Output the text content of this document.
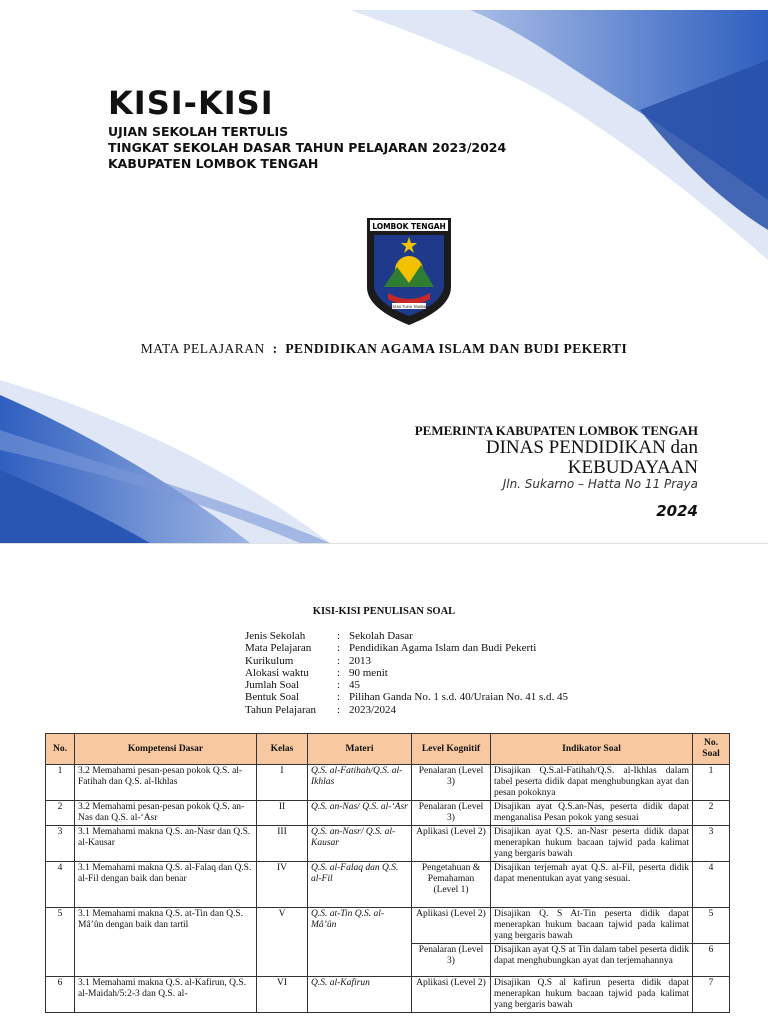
KISI-KISI
UJIAN SEKOLAH TERTULIS
TINGKAT SEKOLAH DASAR TAHUN PELAJARAN 2023/2024
KABUPATEN LOMBOK TENGAH
LOMBOK TENGAH
TATAS TUHU TRASNA
MATA PELAJARAN : PENDIDIKAN AGAMA ISLAM DAN BUDI PEKERTI
PEMERINTA KABUPATEN LOMBOK TENGAH
DINAS PENDIDIKAN dan
KEBUDAYAAN
Jln. Sukarno – Hatta No 11 Praya
2024
KISI-KISI PENULISAN SOAL
Jenis Sekolah	: Sekolah Dasar
Mata Pelajaran	: Pendidikan Agama Islam dan Budi Pekerti
Kurikulum	: 2013
Alokasi waktu	: 90 menit
Jumlah Soal	: 45
Bentuk Soal	: Pilihan Ganda No. 1 s.d. 40/Uraian No. 41 s.d. 45
Tahun Pelajaran	: 2023/2024
No.	Kompetensi Dasar	Kelas	Materi	Level Kognitif	Indikator Soal	No.
Soal

1	3.2 Memahami pesan-pesan pokok Q.S. al-Fatihah dan Q.S. al-Ikhlas	I	Q.S. al-Fatihah/Q.S. al-Ikhlas	Penalaran (Level 3)	Disajikan Q.S.al-Fatihah/Q.S. al-Ikhlas dalam tabel peserta didik dapat menghubungkan ayat dan pesan pokoknya	1
2	3.2 Memahami pesan-pesan pokok Q.S. an-Nas dan Q.S. al-‘Asr	II	Q.S. an-Nas/ Q.S. al-‘Asr	Penalaran (Level 3)	Disajikan ayat Q.S.an-Nas, peserta didik dapat menganalisa Pesan pokok yang sesuai	2
3	3.1 Memahami makna Q.S. an-Nasr dan Q.S. al-Kausar	III	Q.S. an-Nasr/ Q.S. al-Kausar	Aplikasi (Level 2)	Disajikan ayat Q.S. an-Nasr peserta didik dapat menerapkan hukum bacaan tajwid pada kalimat yang bergaris bawah	3
4	3.1 Memahami makna Q.S. al-Falaq dan Q.S. al-Fil dengan baik dan benar	IV	Q.S. al-Falaq dan Q.S. al-Fil	Pengetahuan & Pemahaman (Level 1)	Disajikan terjemah ayat Q.S. al-Fil, peserta didik dapat menentukan ayat yang sesuai.	4
5	3.1 Memahami makna Q.S. at-Tin dan Q.S. Mâ’ûn dengan baik dan tartil	V	Q.S. at-Tin Q.S. al-Mâ’ûn	Aplikasi (Level 2)	Disajikan Q. S At-Tin peserta didik dapat menerapkan hukum bacaan tajwid pada kalimat yang bergaris bawah	5
				Penalaran (Level 3)	Disajikan ayat Q.S at Tin dalam tabel peserta didik dapat menghubungkan ayat dan terjemahannya	6
6	3.1 Memahami makna Q.S. al-Kafirun, Q.S. al-Maidah/5:2-3 dan Q.S. al-	VI	Q.S. al-Kafirun	Aplikasi (Level 2)	Disajikan Q.S al kafirun peserta didik dapat menerapkan hukum bacaan tajwid pada kalimat yang bergaris bawah	7
